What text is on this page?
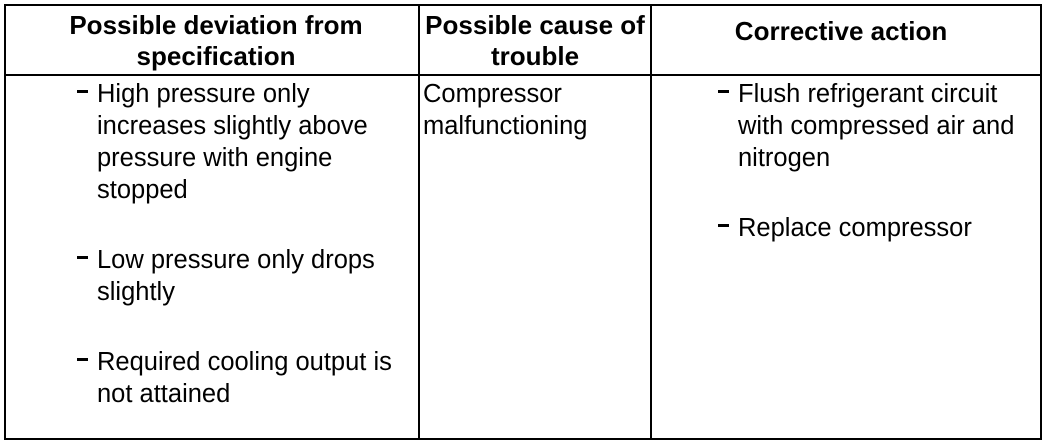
Possible deviation from specification
Possible cause of trouble
Corrective action
High pressure only increases slightly above pressure with engine stopped
Low pressure only drops slightly
Required cooling output is not attained
Compressor malfunctioning
Flush refrigerant circuit with compressed air and nitrogen
Replace compressor
